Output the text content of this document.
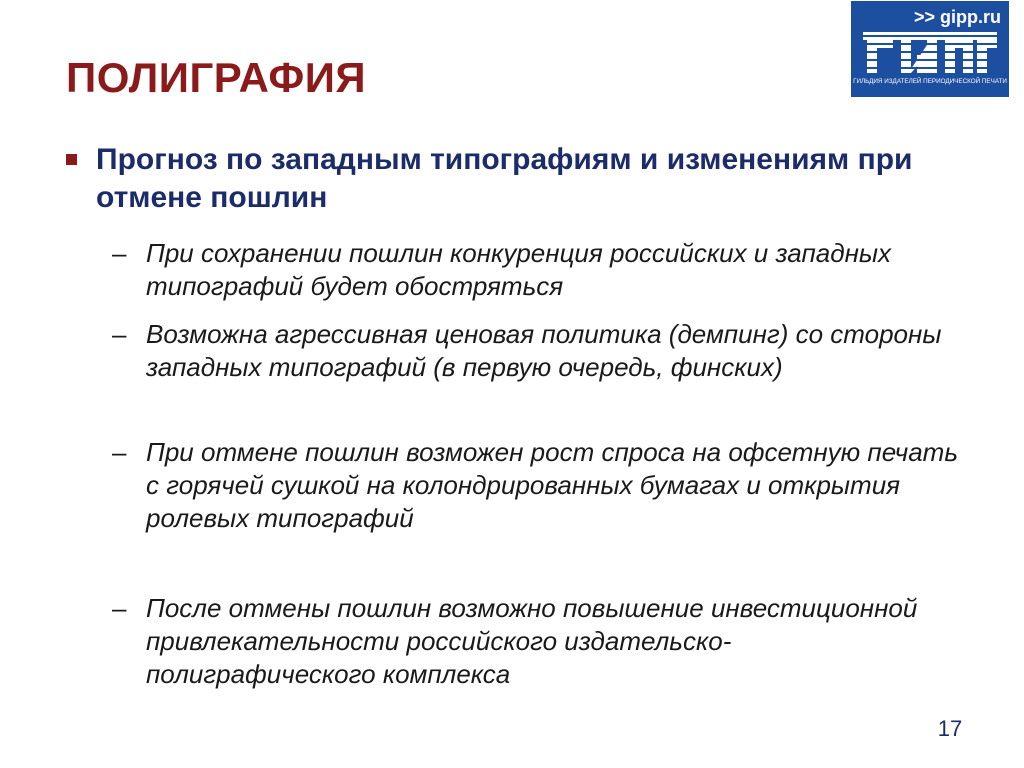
ПОЛИГРАФИЯ
>> gipp.ru
ГИЛЬДИЯ ИЗДАТЕЛЕЙ ПЕРИОДИЧЕСКОЙ ПЕЧАТИ
Прогноз по западным типографиям и изменениям при отмене пошлин
– При сохранении пошлин конкуренция российских и западных типографий будет обостряться
– Возможна агрессивная ценовая политика (демпинг) со стороны западных типографий (в первую очередь, финских)
– При отмене пошлин возможен рост спроса на офсетную печать с горячей сушкой на колондрированных бумагах и открытия ролевых типографий
– После отмены пошлин возможно повышение инвестиционной привлекательности российского издательско-полиграфического комплекса
17
